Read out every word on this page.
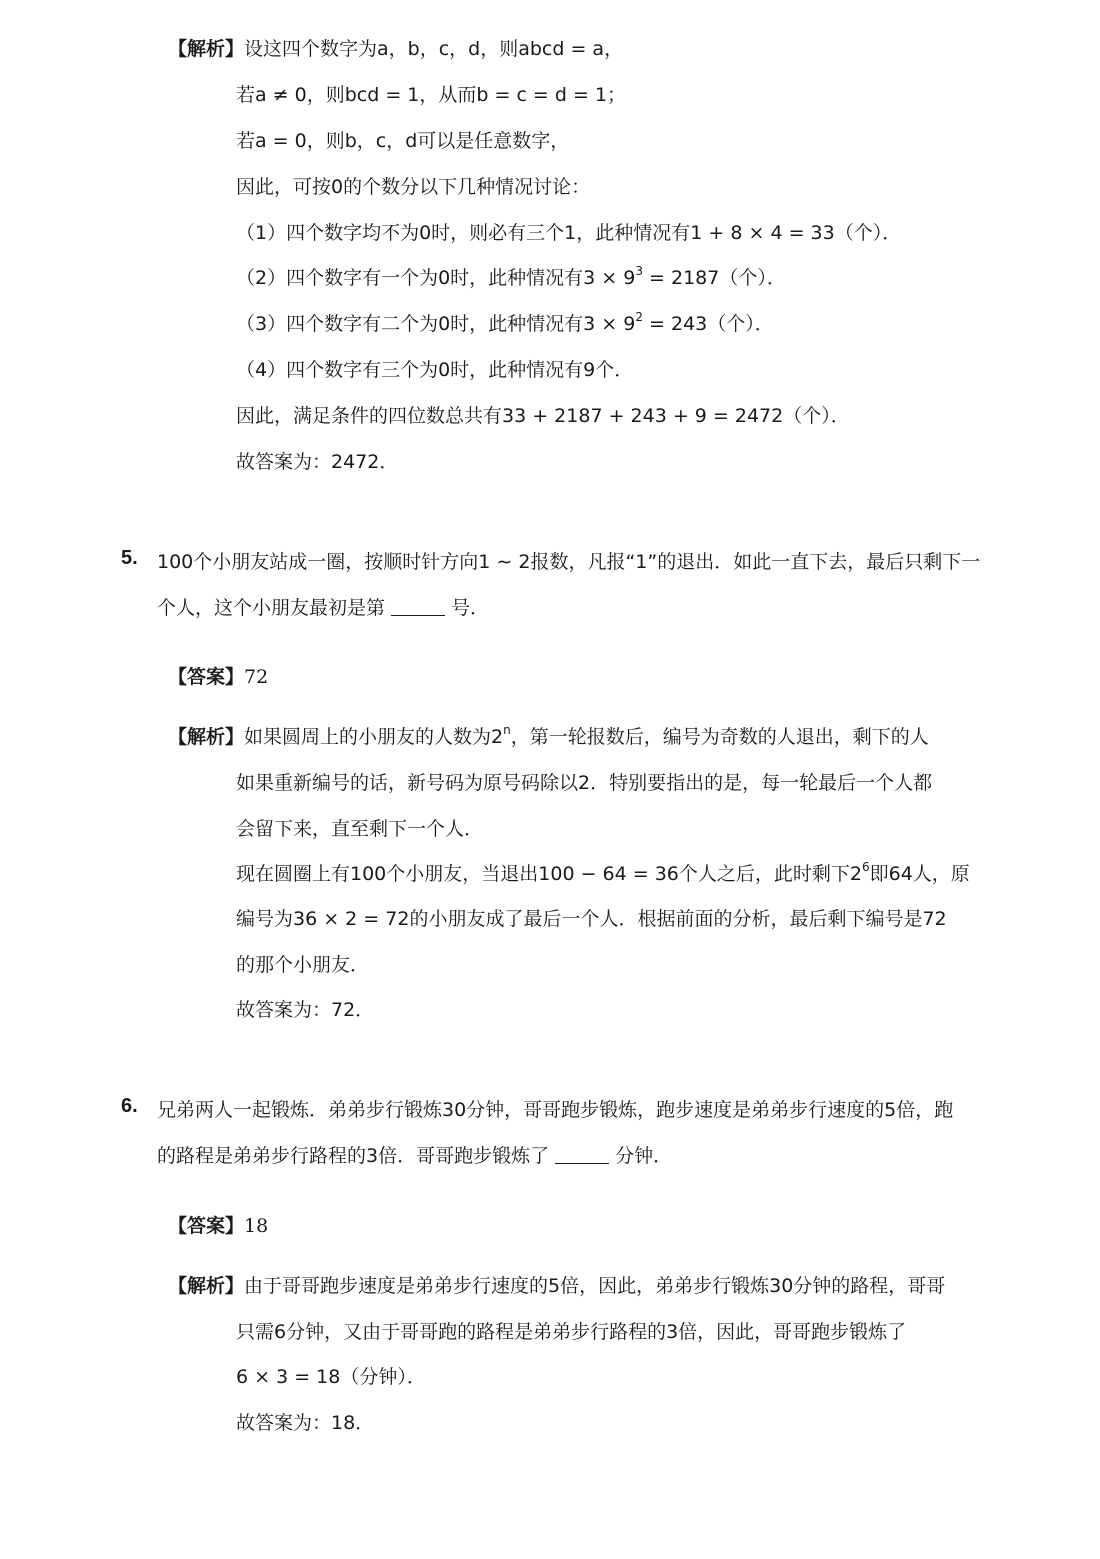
【解析】设这四个数字为a，b，c，d，则abcd = a，
若a ≠ 0，则bcd = 1，从而b = c = d = 1；
若a = 0，则b，c，d可以是任意数字，
因此，可按0的个数分以下几种情况讨论：
（1）四个数字均不为0时，则必有三个1，此种情况有1 + 8 × 4 = 33（个）．
（2）四个数字有一个为0时，此种情况有$3 \times 9^3 = 2187$（个）．
（3）四个数字有二个为0时，此种情况有$3 \times 9^2 = 243$（个）．
（4）四个数字有三个为0时，此种情况有9个．
因此，满足条件的四位数总共有33 + 2187 + 243 + 9 = 2472（个）．
故答案为：2472．
5. 100个小朋友站成一圈，按顺时针方向1 ∼ 2报数，凡报“1”的退出．如此一直下去，最后只剩下一
个人，这个小朋友最初是第	号．
【答案】72
【解析】如果圆周上的小朋友的人数为2$^n$，第一轮报数后，编号为奇数的人退出，剩下的人
如果重新编号的话，新号码为原号码除以2．特别要指出的是，每一轮最后一个人都
会留下来，直至剩下一个人．
现在圆圈上有100个小朋友，当退出100 − 64 = 36个人之后，此时剩下$2^6$即64人，原
编号为36 × 2 = 72的小朋友成了最后一个人．根据前面的分析，最后剩下编号是72
的那个小朋友．
故答案为：72．
6. 兄弟两人一起锻炼．弟弟步行锻炼30分钟，哥哥跑步锻炼，跑步速度是弟弟步行速度的5倍，跑
的路程是弟弟步行路程的3倍．哥哥跑步锻炼了	分钟．
【答案】18
【解析】由于哥哥跑步速度是弟弟步行速度的5倍，因此，弟弟步行锻炼30分钟的路程，哥哥
只需6分钟，又由于哥哥跑的路程是弟弟步行路程的3倍，因此，哥哥跑步锻炼了
6 × 3 = 18（分钟）．
故答案为：18．
